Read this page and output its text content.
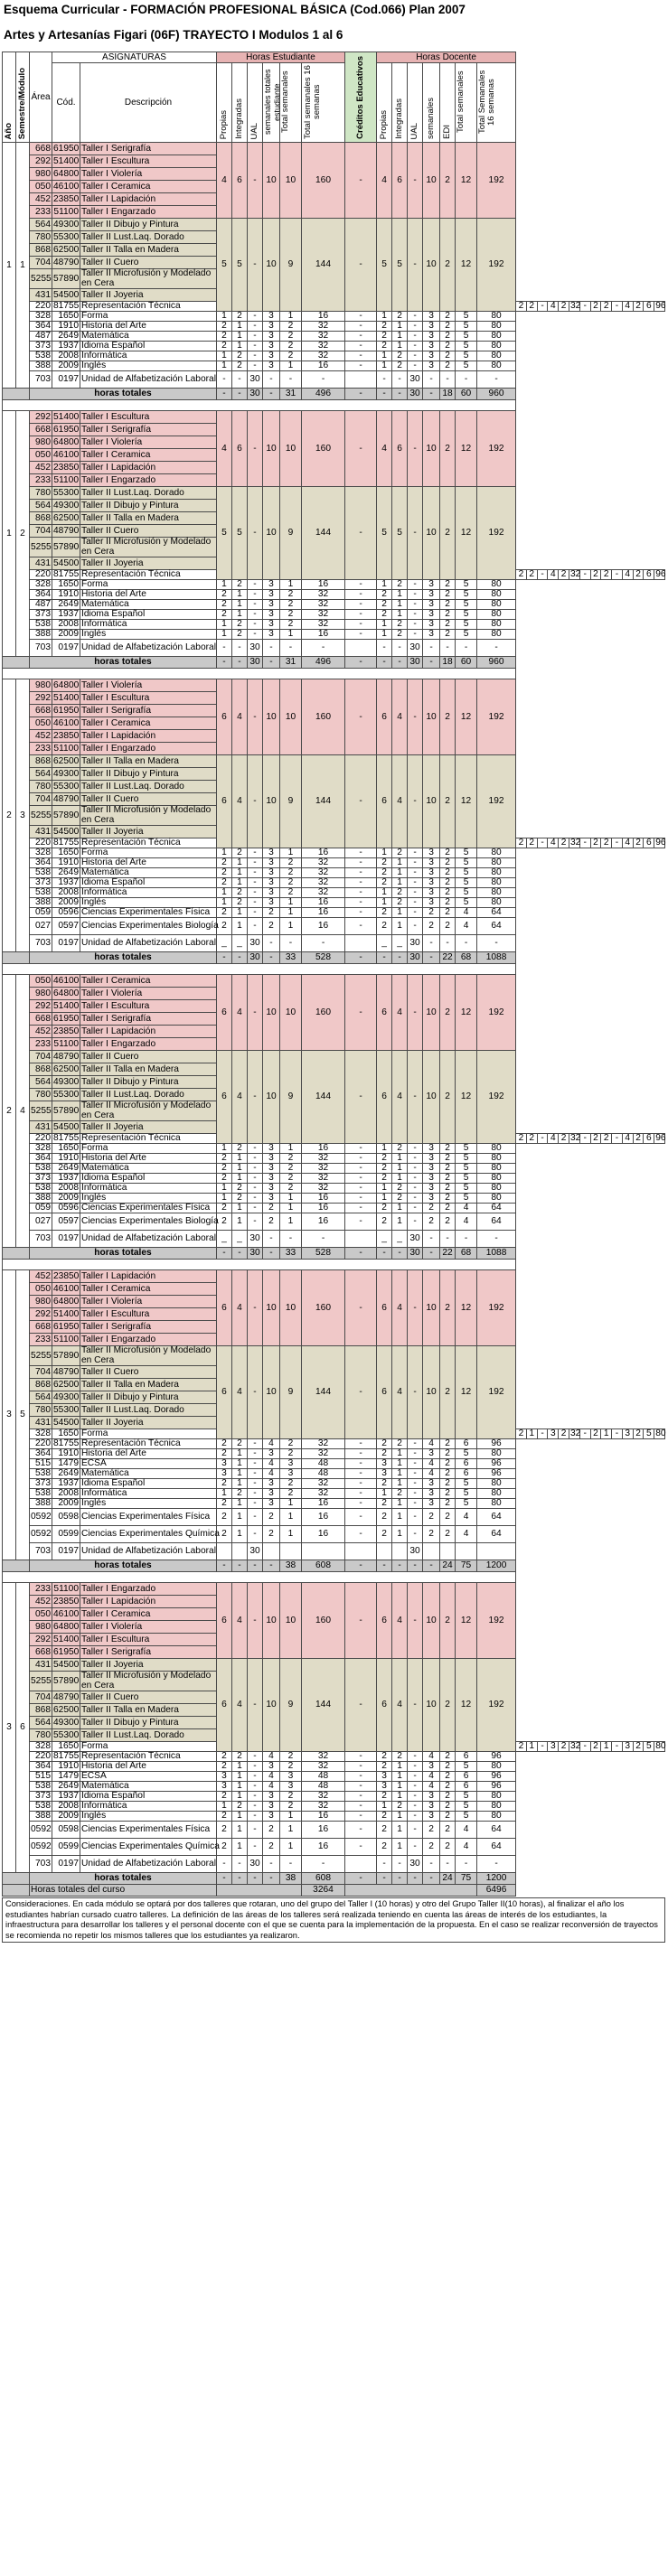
Esquema Curricular - FORMACIÓN PROFESIONAL BÁSICA (Cod.066) Plan 2007
Artes y Artesanías Figari (06F) TRAYECTO I Modulos 1 al 6
Año	Semestre/Módulo	Área	ASIGNATURAS		Horas Estudiante						Créditos Educativos	Horas Docente																				
			Cód.	Descripción	Propias	Integradas	UAL	semanales totales estudiante	Total semanales	Total semanales 16 semanas		Propias	Integradas	UAL	semanales	EDI	Total semanales	Total Semanales 16 semanas														

1	1	668	61950	Taller I Serigrafía	4	6	-	10	10	160	-	4	6	-	10	2	12	192														
		292	51400	Taller I Escultura																												
		980	64800	Taller I Violería																												
		050	46100	Taller I Ceramica																												
		452	23850	Taller I Lapidación																												
		233	51100	Taller I Engarzado																												
		564	49300	Taller II Dibujo y Pintura	5	5	-	10	9	144	-	5	5	-	10	2	12	192														
		780	55300	Taller II Lust.Laq. Dorado																												
		868	62500	Taller II Talla en Madera																												
		704	48790	Taller II Cuero																												
		5255	57890	Taller II Microfusión y Modelado en Cera																												
		431	54500	Taller II Joyeria																												
		220	81755	Representación Técnica															2	2	-	4	2	32	-	2	2	-	4	2	6	96
		328	1650	Forma	1	2	-	3	1	16	-	1	2	-	3	2	5	80														
		364	1910	Historia del Arte	2	1	-	3	2	32	-	2	1	-	3	2	5	80														
		487	2649	Matemática	2	1	-	3	2	32	-	2	1	-	3	2	5	80														
		373	1937	Idioma Español	2	1	-	3	2	32	-	2	1	-	3	2	5	80														
		538	2008	Informática	1	2	-	3	2	32	-	1	2	-	3	2	5	80														
		388	2009	Inglés	1	2	-	3	1	16	-	1	2	-	3	2	5	80														
		703	0197	Unidad de Alfabetización Laboral	-	-	30	-	-	-		-	-	30	-	-	-	-														
		horas totales			-	-	30	-	31	496	-	-	-	30	-	18	60	960														

1	2	292	51400	Taller I Escultura	4	6	-	10	10	160	-	4	6	-	10	2	12	192														
		668	61950	Taller I Serigrafía																												
		980	64800	Taller I Violería																												
		050	46100	Taller I Ceramica																												
		452	23850	Taller I Lapidación																												
		233	51100	Taller I Engarzado																												
		780	55300	Taller II Lust.Laq. Dorado	5	5	-	10	9	144	-	5	5	-	10	2	12	192														
		564	49300	Taller II Dibujo y Pintura																												
		868	62500	Taller II Talla en Madera																												
		704	48790	Taller II Cuero																												
		5255	57890	Taller II Microfusión y Modelado en Cera																												
		431	54500	Taller II Joyeria																												
		220	81755	Representación Técnica															2	2	-	4	2	32	-	2	2	-	4	2	6	96
		328	1650	Forma	1	2	-	3	1	16	-	1	2	-	3	2	5	80														
		364	1910	Historia del Arte	2	1	-	3	2	32	-	2	1	-	3	2	5	80														
		487	2649	Matemática	2	1	-	3	2	32	-	2	1	-	3	2	5	80														
		373	1937	Idioma Español	2	1	-	3	2	32	-	2	1	-	3	2	5	80														
		538	2008	Informática	1	2	-	3	2	32	-	1	2	-	3	2	5	80														
		388	2009	Inglés	1	2	-	3	1	16	-	1	2	-	3	2	5	80														
		703	0197	Unidad de Alfabetización Laboral	-	-	30	-	-	-		-	-	30	-	-	-	-														
		horas totales			-	-	30	-	31	496	-	-	-	30	-	18	60	960														

2	3	980	64800	Taller I Violería	6	4	-	10	10	160	-	6	4	-	10	2	12	192														
		292	51400	Taller I Escultura																												
		668	61950	Taller I Serigrafía																												
		050	46100	Taller I Ceramica																												
		452	23850	Taller I Lapidación																												
		233	51100	Taller I Engarzado																												
		868	62500	Taller II Talla en Madera	6	4	-	10	9	144	-	6	4	-	10	2	12	192														
		564	49300	Taller II Dibujo y Pintura																												
		780	55300	Taller II Lust.Laq. Dorado																												
		704	48790	Taller II Cuero																												
		5255	57890	Taller II Microfusión y Modelado en Cera																												
		431	54500	Taller II Joyeria																												
		220	81755	Representación Técnica															2	2	-	4	2	32	-	2	2	-	4	2	6	96
		328	1650	Forma	1	2	-	3	1	16	-	1	2	-	3	2	5	80														
		364	1910	Historia del Arte	2	1	-	3	2	32	-	2	1	-	3	2	5	80														
		538	2649	Matemática	2	1	-	3	2	32	-	2	1	-	3	2	5	80														
		373	1937	Idioma Español	2	1	-	3	2	32	-	2	1	-	3	2	5	80														
		538	2008	Informática	1	2	-	3	2	32	-	1	2	-	3	2	5	80														
		388	2009	Inglés	1	2	-	3	1	16	-	1	2	-	3	2	5	80														
		059	0596	Ciencias Experimentales Física	2	1	-	2	1	16	-	2	1	-	2	2	4	64														
		027	0597	Ciencias Experimentales Biología	2	1	-	2	1	16	-	2	1	-	2	2	4	64														
		703	0197	Unidad de Alfabetización Laboral	_	_	30	-	-	-		_	_	30	-	-	-	-														
		horas totales			-	-	30	-	33	528	-	-	-	30	-	22	68	1088														

2	4	050	46100	Taller I Ceramica	6	4	-	10	10	160	-	6	4	-	10	2	12	192														
		980	64800	Taller I Violería																												
		292	51400	Taller I Escultura																												
		668	61950	Taller I Serigrafía																												
		452	23850	Taller I Lapidación																												
		233	51100	Taller I Engarzado																												
		704	48790	Taller II Cuero	6	4	-	10	9	144	-	6	4	-	10	2	12	192														
		868	62500	Taller II Talla en Madera																												
		564	49300	Taller II Dibujo y Pintura																												
		780	55300	Taller II Lust.Laq. Dorado																												
		5255	57890	Taller II Microfusión y Modelado en Cera																												
		431	54500	Taller II Joyeria																												
		220	81755	Representación Técnica															2	2	-	4	2	32	-	2	2	-	4	2	6	96
		328	1650	Forma	1	2	-	3	1	16	-	1	2	-	3	2	5	80														
		364	1910	Historia del Arte	2	1	-	3	2	32	-	2	1	-	3	2	5	80														
		538	2649	Matemática	2	1	-	3	2	32	-	2	1	-	3	2	5	80														
		373	1937	Idioma Español	2	1	-	3	2	32	-	2	1	-	3	2	5	80														
		538	2008	Informática	1	2	-	3	2	32	-	1	2	-	3	2	5	80														
		388	2009	Inglés	1	2	-	3	1	16	-	1	2	-	3	2	5	80														
		059	0596	Ciencias Experimentales Física	2	1	-	2	1	16	-	2	1	-	2	2	4	64														
		027	0597	Ciencias Experimentales Biología	2	1	-	2	1	16	-	2	1	-	2	2	4	64														
		703	0197	Unidad de Alfabetización Laboral	_	_	30	-	-	-		_	_	30	-	-	-	-														
		horas totales			-	-	30	-	33	528	-	-	-	30	-	22	68	1088														

3	5	452	23850	Taller I Lapidación	6	4	-	10	10	160	-	6	4	-	10	2	12	192														
		050	46100	Taller I Ceramica																												
		980	64800	Taller I Violería																												
		292	51400	Taller I Escultura																												
		668	61950	Taller I Serigrafía																												
		233	51100	Taller I Engarzado																												
		5255	57890	Taller II Microfusión y Modelado en Cera	6	4	-	10	9	144	-	6	4	-	10	2	12	192														
		704	48790	Taller II Cuero																												
		868	62500	Taller II Talla en Madera																												
		564	49300	Taller II Dibujo y Pintura																												
		780	55300	Taller II Lust.Laq. Dorado																												
		431	54500	Taller II Joyeria																												
		328	1650	Forma															2	1	-	3	2	32	-	2	1	-	3	2	5	80
		220	81755	Representación Técnica	2	2	-	4	2	32	-	2	2	-	4	2	6	96														
		364	1910	Historia del Arte	2	1	-	3	2	32	-	2	1	-	3	2	5	80														
		515	1479	ECSA	3	1	-	4	3	48	-	3	1	-	4	2	6	96														
		538	2649	Matemática	3	1	-	4	3	48	-	3	1	-	4	2	6	96														
		373	1937	Idioma Español	2	1	-	3	2	32	-	2	1	-	3	2	5	80														
		538	2008	Informática	1	2	-	3	2	32	-	1	2	-	3	2	5	80														
		388	2009	Inglés	2	1	-	3	1	16	-	2	1	-	3	2	5	80														
		0592	0598	Ciencias Experimentales Física	2	1	-	2	1	16	-	2	1	-	2	2	4	64														
		0592	0599	Ciencias Experimentales Química	2	1	-	2	1	16	-	2	1	-	2	2	4	64														
		703	0197	Unidad de Alfabetización Laboral			30							30																		
		horas totales			-	-	-	-	38	608	-	-	-	-	-	24	75	1200														

3	6	233	51100	Taller I Engarzado	6	4	-	10	10	160	-	6	4	-	10	2	12	192														
		452	23850	Taller I Lapidación																												
		050	46100	Taller I Ceramica																												
		980	64800	Taller I Violería																												
		292	51400	Taller I Escultura																												
		668	61950	Taller I Serigrafía																												
		431	54500	Taller II Joyeria	6	4	-	10	9	144	-	6	4	-	10	2	12	192														
		5255	57890	Taller II Microfusión y Modelado en Cera																												
		704	48790	Taller II Cuero																												
		868	62500	Taller II Talla en Madera																												
		564	49300	Taller II Dibujo y Pintura																												
		780	55300	Taller II Lust.Laq. Dorado																												
		328	1650	Forma															2	1	-	3	2	32	-	2	1	-	3	2	5	80
		220	81755	Representación Técnica	2	2	-	4	2	32	-	2	2	-	4	2	6	96														
		364	1910	Historia del Arte	2	1	-	3	2	32	-	2	1	-	3	2	5	80														
		515	1479	ECSA	3	1	-	4	3	48	-	3	1	-	4	2	6	96														
		538	2649	Matemática	3	1	-	4	3	48	-	3	1	-	4	2	6	96														
		373	1937	Idioma Español	2	1	-	3	2	32	-	2	1	-	3	2	5	80														
		538	2008	Informática	1	2	-	3	2	32	-	1	2	-	3	2	5	80														
		388	2009	Inglés	2	1	-	3	1	16	-	2	1	-	3	2	5	80														
		0592	0598	Ciencias Experimentales Física	2	1	-	2	1	16	-	2	1	-	2	2	4	64														
		0592	0599	Ciencias Experimentales Química	2	1	-	2	1	16	-	2	1	-	2	2	4	64														
		703	0197	Unidad de Alfabetización Laboral	-	-	30	-	-	-		-	-	30	-	-	-	-														
		horas totales			-	-	-	-	38	608	-	-	-	-	-	24	75	1200														
		Horas totales del curso								3264								6496														
Consideraciones. En cada módulo se optará por dos talleres que rotaran, uno del grupo del Taller I (10 horas) y otro del Grupo Taller II(10 horas), al finalizar el año los estudiantes habrían cursado cuatro talleres. La definición de las áreas de los talleres será realizada teniendo en cuenta las áreas de interés de los estudiantes, la infraestructura para desarrollar los talleres y el personal docente con el que se cuenta para la implementación de la propuesta. En el caso se realizar reconversión de trayectos se recomienda no repetir los mismos talleres que los estudiantes ya realizaron.
